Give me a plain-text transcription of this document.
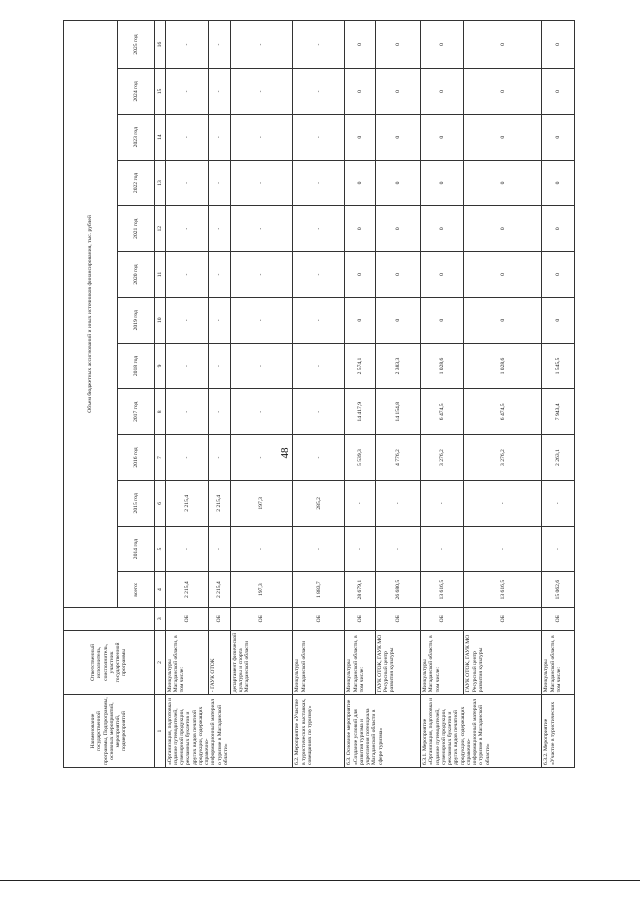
48
Наименование государственной программы, Подпрограммы, основных мероприятий, мероприятий, подмероприятий	Ответственный исполнитель, соисполнитель, участник государственной программы		Объем бюджетных ассигнований и иных источников финансирования, тыс. рублей												
			всего:	2014 год	2015 год	2016 год	2017 год	2018 год	2019 год	2020 год	2021 год	2022 год	2023 год	2024 год	2025 год
1	2	3	4	5	6	7	8	9	10	11	12	13	14	15	16
«Организация, подготовка и издание путеводителей, сувенирной продукции, рекламных буклетов и других видов печатной продукции, содержащих справочно-информационный материал о туризме в Магаданской области»	Минкультуры Магаданской области, в том числе:	ОБ	2 215,4	-	2 215,4	-	-	-	-	-	-	-	-	-	-
	- ГАУК ОТОК	ОБ	2 215,4	-	2 215,4	-	-	-	-	-	-	-	-	-	-
	департамент физической культуры и спорта Магаданской области	ОБ	197,3	-	197,3	-	-	-	-	-	-	-	-	-	-
6.2. Мероприятие «Участие в туристических выставках, совещаниях по туризму»	Минкультуры Магаданской области	ОБ	1 883,7	-	285,2	-	-	-	-	-	-	-	-	-	-
6.3. Основное мероприятие «Создание условий для развития туризма и укрепления потенциала Магаданской области в сфере туризма»	Минкультуры Магаданской области, в том числе:	ОБ	28 679,1	-	-	5 539,3	14 417,9	2 574,1	0	0	0	0	0	0	0
	ГАУК ОТОК, ГАУК МО Ресурсный центр развития культуры	ОБ	26 680,5	-	-	4 776,2	14 154,8	2 383,3	0	0	0	0	0	0	0
6.3.1. Мероприятие «Организация, подготовка и издание путеводителей, сувенирной продукции, рекламных буклетов и других видов печатной продукции, содержащих справочно-информационный материал о туризме в Магаданской области»	Минкультуры Магаданской области, в том числе:	ОБ	13 616,5	-	-	3 276,2	6 474,5	1 028,6	0	0	0	0	0	0	0
	ГАУК ОТОК, ГАУК МО Ресурсный центр развития культуры	ОБ	13 616,5	-	-	3 276,2	6 474,5	1 028,6	0	0	0	0	0	0	0
6.3.2. Мероприятие «Участие в туристических	Минкультуры Магаданской области, в том числе:	ОБ	15 062,6	-	-	2 263,1	7 943,4	1 545,5	0	0	0	0	0	0	0
